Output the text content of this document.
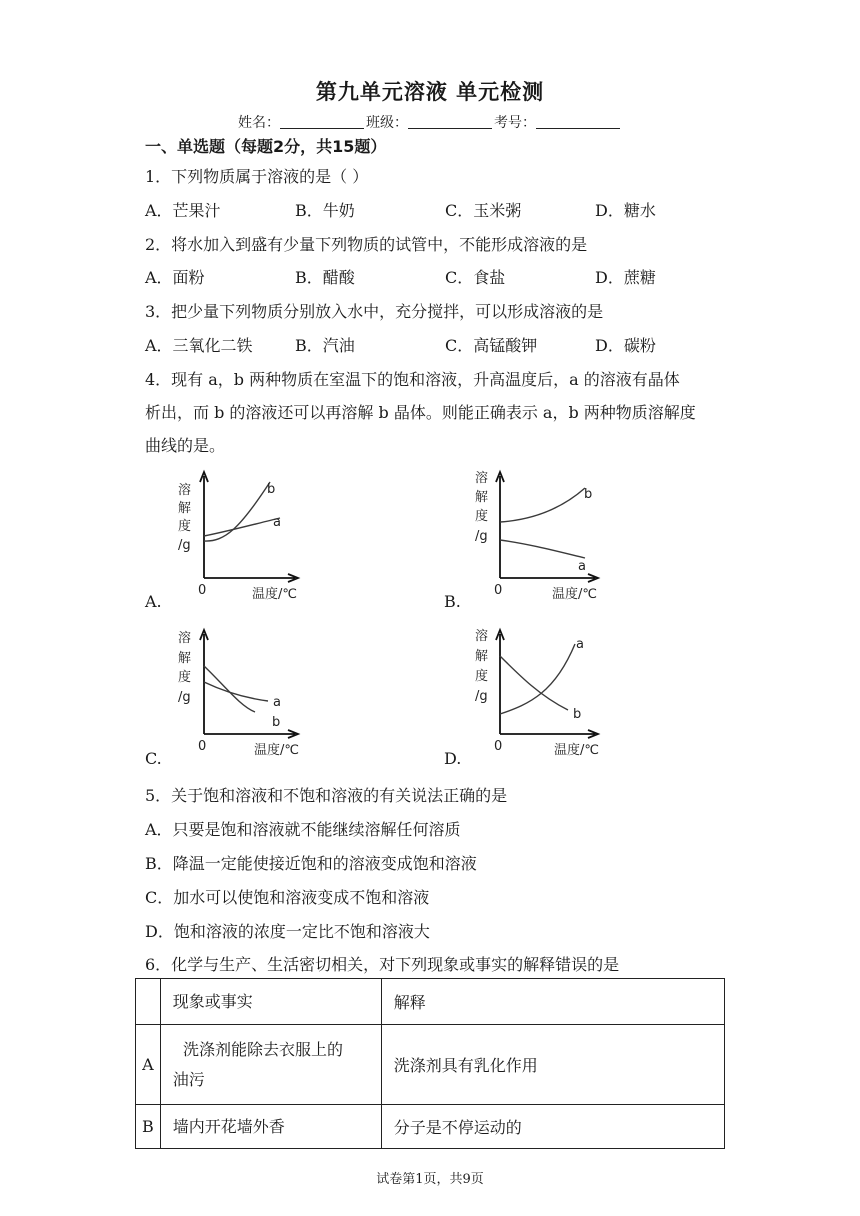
第九单元溶液 单元检测
姓名：	班级：	考号：
一、单选题（每题2分，共15题）
1．下列物质属于溶液的是（ ）
A．芒果汁	B．牛奶	C．玉米粥	D．糖水
2．将水加入到盛有少量下列物质的试管中，不能形成溶液的是
A．面粉	B．醋酸	C．食盐	D．蔗糖
3．把少量下列物质分别放入水中，充分搅拌，可以形成溶液的是
A．三氧化二铁	B．汽油	C．高锰酸钾	D．碳粉
4．现有 a，b 两种物质在室温下的饱和溶液，升高温度后，a 的溶液有晶体
析出，而 b 的溶液还可以再溶解 b 晶体。则能正确表示 a，b 两种物质溶解度
曲线的是。
A.
溶
解
度
/g
0	温度/℃
b
a
B.
溶
解
度
/g
0	温度/℃
b
a
C.
溶
解
度
/g
0	温度/℃
a
b
D.
溶
解
度
/g
0	温度/℃
a
b
5．关于饱和溶液和不饱和溶液的有关说法正确的是
A．只要是饱和溶液就不能继续溶解任何溶质
B．降温一定能使接近饱和的溶液变成饱和溶液
C．加水可以使饱和溶液变成不饱和溶液
D．饱和溶液的浓度一定比不饱和溶液大
6．化学与生产、生活密切相关，对下列现象或事实的解释错误的是
	现象或事实	解释
A	洗涤剂能除去衣服上的
油污	洗涤剂具有乳化作用
B	墙内开花墙外香	分子是不停运动的
试卷第1页，共9页
